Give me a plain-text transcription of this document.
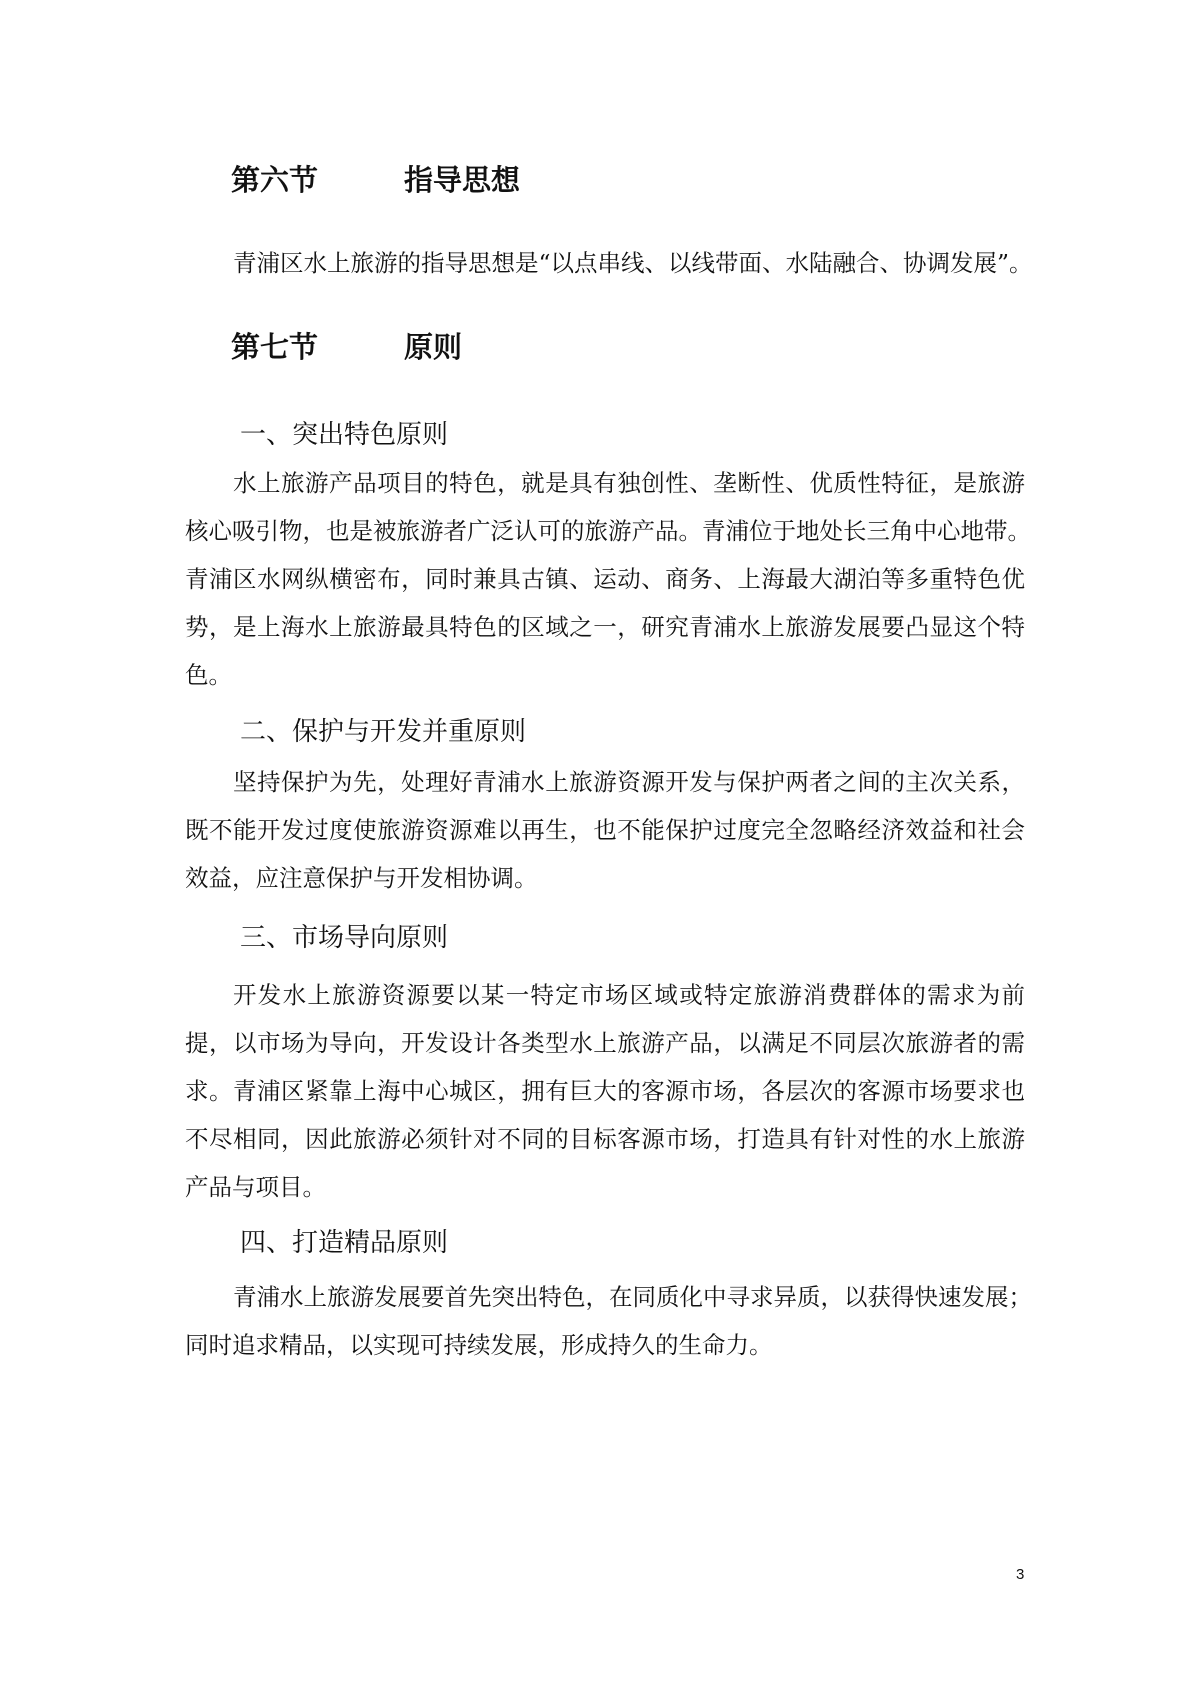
第六节	指导思想
青浦区水上旅游的指导思想是“以点串线、以线带面、水陆融合、协调发展”。
第七节	原则
一、突出特色原则
水上旅游产品项目的特色，就是具有独创性、垄断性、优质性特征，是旅游
核心吸引物，也是被旅游者广泛认可的旅游产品。青浦位于地处长三角中心地带。
青浦区水网纵横密布，同时兼具古镇、运动、商务、上海最大湖泊等多重特色优
势，是上海水上旅游最具特色的区域之一，研究青浦水上旅游发展要凸显这个特
色。
二、保护与开发并重原则
坚持保护为先，处理好青浦水上旅游资源开发与保护两者之间的主次关系，
既不能开发过度使旅游资源难以再生，也不能保护过度完全忽略经济效益和社会
效益，应注意保护与开发相协调。
三、市场导向原则
开发水上旅游资源要以某一特定市场区域或特定旅游消费群体的需求为前
提，以市场为导向，开发设计各类型水上旅游产品，以满足不同层次旅游者的需
求。青浦区紧靠上海中心城区，拥有巨大的客源市场，各层次的客源市场要求也
不尽相同，因此旅游必须针对不同的目标客源市场，打造具有针对性的水上旅游
产品与项目。
四、打造精品原则
青浦水上旅游发展要首先突出特色，在同质化中寻求异质，以获得快速发展；
同时追求精品，以实现可持续发展，形成持久的生命力。
3
